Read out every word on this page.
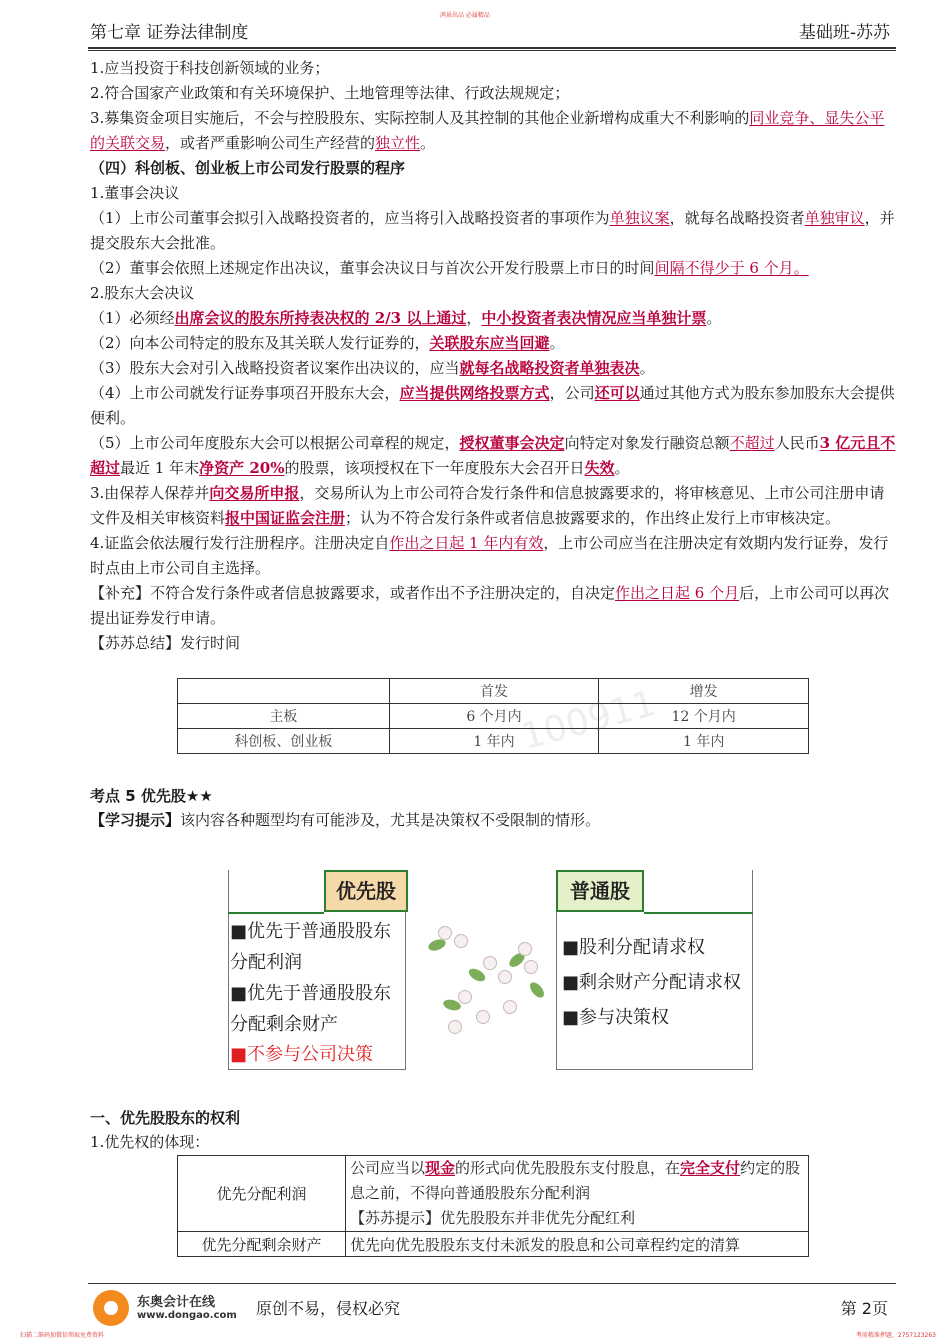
第七章 证券法律制度
鸿景出品 必属精品
基础班-苏苏
100911

1.应当投资于科技创新领域的业务；

2.符合国家产业政策和有关环境保护、土地管理等法律、行政法规规定；

3.募集资金项目实施后，不会与控股股东、实际控制人及其控制的其他企业新增构成重大不利影响的同业竞争、显失公平的关联交易，或者严重影响公司生产经营的独立性。

（四）科创板、创业板上市公司发行股票的程序

1.董事会决议

（1）上市公司董事会拟引入战略投资者的，应当将引入战略投资者的事项作为单独议案，就每名战略投资者单独审议，并提交股东大会批准。

（2）董事会依照上述规定作出决议，董事会决议日与首次公开发行股票上市日的时间间隔不得少于 6 个月。

2.股东大会决议

（1）必须经出席会议的股东所持表决权的 2/3 以上通过，中小投资者表决情况应当单独计票。

（2）向本公司特定的股东及其关联人发行证券的，关联股东应当回避。

（3）股东大会对引入战略投资者议案作出决议的，应当就每名战略投资者单独表决。

（4）上市公司就发行证券事项召开股东大会，应当提供网络投票方式，公司还可以通过其他方式为股东参加股东大会提供便利。

（5）上市公司年度股东大会可以根据公司章程的规定，授权董事会决定向特定对象发行融资总额不超过人民币3 亿元且不超过最近 1 年末净资产 20%的股票，该项授权在下一年度股东大会召开日失效。

3.由保荐人保荐并向交易所申报，交易所认为上市公司符合发行条件和信息披露要求的，将审核意见、上市公司注册申请文件及相关审核资料报中国证监会注册；认为不符合发行条件或者信息披露要求的，作出终止发行上市审核决定。

4.证监会依法履行发行注册程序。注册决定自作出之日起 1 年内有效，上市公司应当在注册决定有效期内发行证券，发行时点由上市公司自主选择。

【补充】不符合发行条件或者信息披露要求，或者作出不予注册决定的，自决定作出之日起 6 个月后，上市公司可以再次提出证券发行申请。

【苏苏总结】发行时间

	首发	增发
主板	6 个月内	12 个月内
科创板、创业板	1 年内	1 年内
考点 5 优先股★★
【学习提示】该内容各种题型均有可能涉及，尤其是决策权不受限制的情形。
优先股	普通股
■优先于普通股股东
分配利润
■优先于普通股股东
分配剩余财产
■不参与公司决策
■股利分配请求权
■剩余财产分配请求权
■参与决策权
一、优先股股东的权利
1.优先权的体现：
优先分配利润	公司应当以现金的形式向优先股股东支付股息，在完全支付约定的股息之前，不得向普通股股东分配利润
【苏苏提示】优先股股东并非优先分配红利
优先分配剩余财产	优先向优先股股东支付未派发的股息和公司章程约定的清算
东奥会计在线
www.dongao.com 原创不易，侵权必究	第 2页
扫描二维码加微信领取免费资料	考前精准押题，2757123263
